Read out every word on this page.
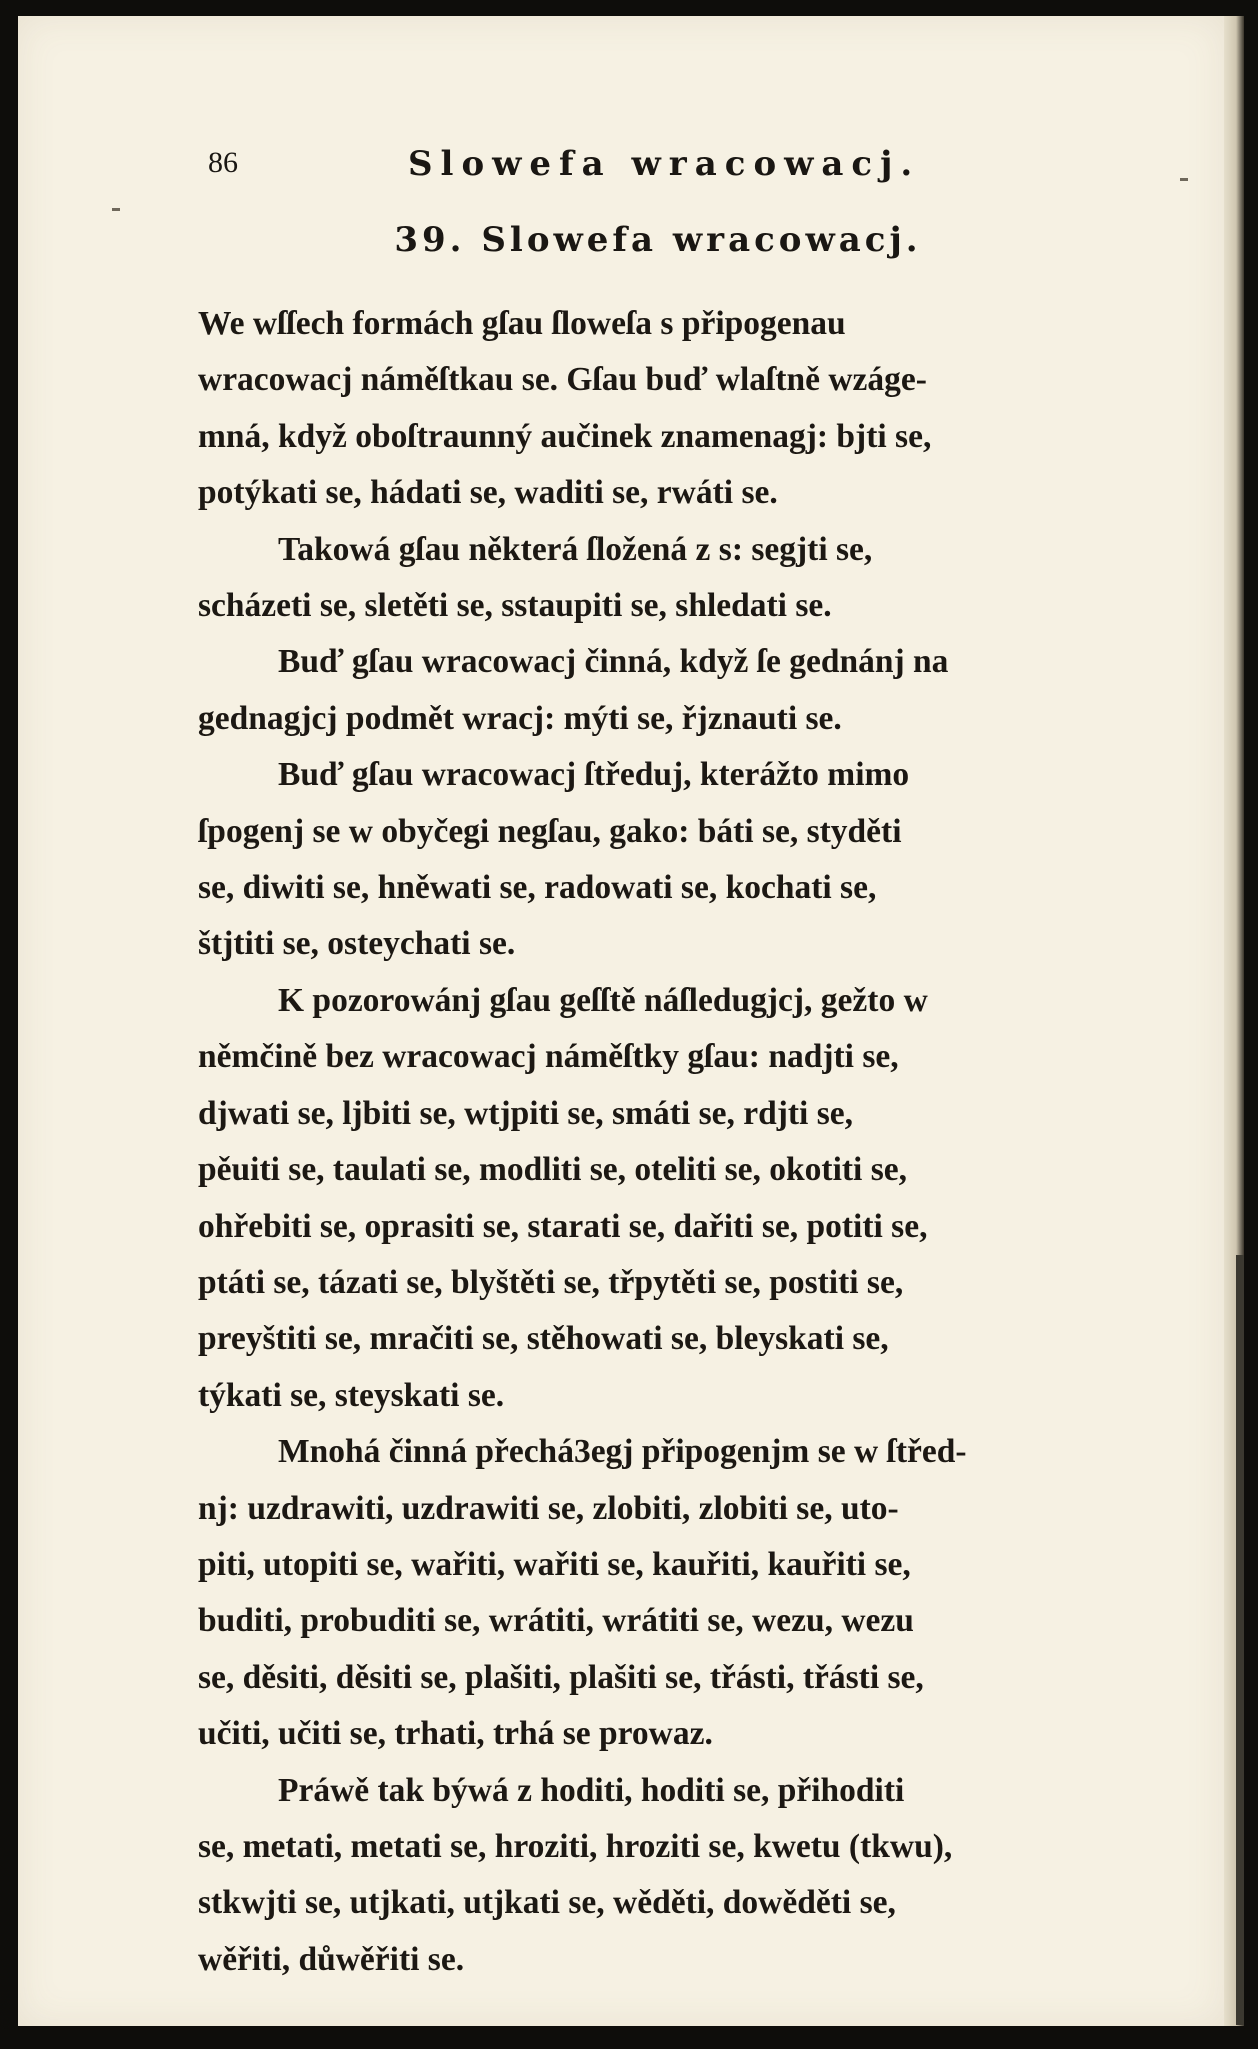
86	Slowefa wracowacj.
39. Slowefa wracowacj.
We wſſech formách gſau ſloweſa s připogenau
wracowacj náměſtkau se. Gſau buď wlaſtně wzáge-
mná, když oboſtraunný aučinek znamenagj: bjti se,
potýkati se, hádati se, waditi se, rwáti se.
Takowá gſau některá ſložená z s: segjti se,
scházeti se, sletěti se, sstaupiti se, shledati se.
Buď gſau wracowacj činná, když ſe gednánj na
gednagjcj podmět wracj: mýti se, řjznauti se.
Buď gſau wracowacj ſtředuj, kterážto mimo
ſpogenj se w obyčegi negſau, gako: báti se, styděti
se, diwiti se, hněwati se, radowati se, kochati se,
štjtiti se, osteychati se.
K pozorowánj gſau geſſtě náſledugjcj, gežto w
němčině bez wracowacj náměſtky gſau: nadjti se,
djwati se, ljbiti se, wtjpiti se, smáti se, rdjti se,
pěuiti se, taulati se, modliti se, oteliti se, okotiti se,
ohřebiti se, oprasiti se, starati se, dařiti se, potiti se,
ptáti se, tázati se, blyštěti se, třpytěti se, postiti se,
preyštiti se, mračiti se, stěhowati se, bleyskati se,
týkati se, steyskati se.
Mnohá činná přechá3egj připogenjm se w ſtřed-
nj: uzdrawiti, uzdrawiti se, zlobiti, zlobiti se, uto-
piti, utopiti se, wařiti, wařiti se, kauřiti, kauřiti se,
buditi, probuditi se, wrátiti, wrátiti se, wezu, wezu
se, děsiti, děsiti se, plašiti, plašiti se, třásti, třásti se,
učiti, učiti se, trhati, trhá se prowaz.
Práwě tak býwá z hoditi, hoditi se, přihoditi
se, metati, metati se, hroziti, hroziti se, kwetu (tkwu),
stkwjti se, utjkati, utjkati se, wěděti, dowěděti se,
wěřiti, důwěřiti se.
